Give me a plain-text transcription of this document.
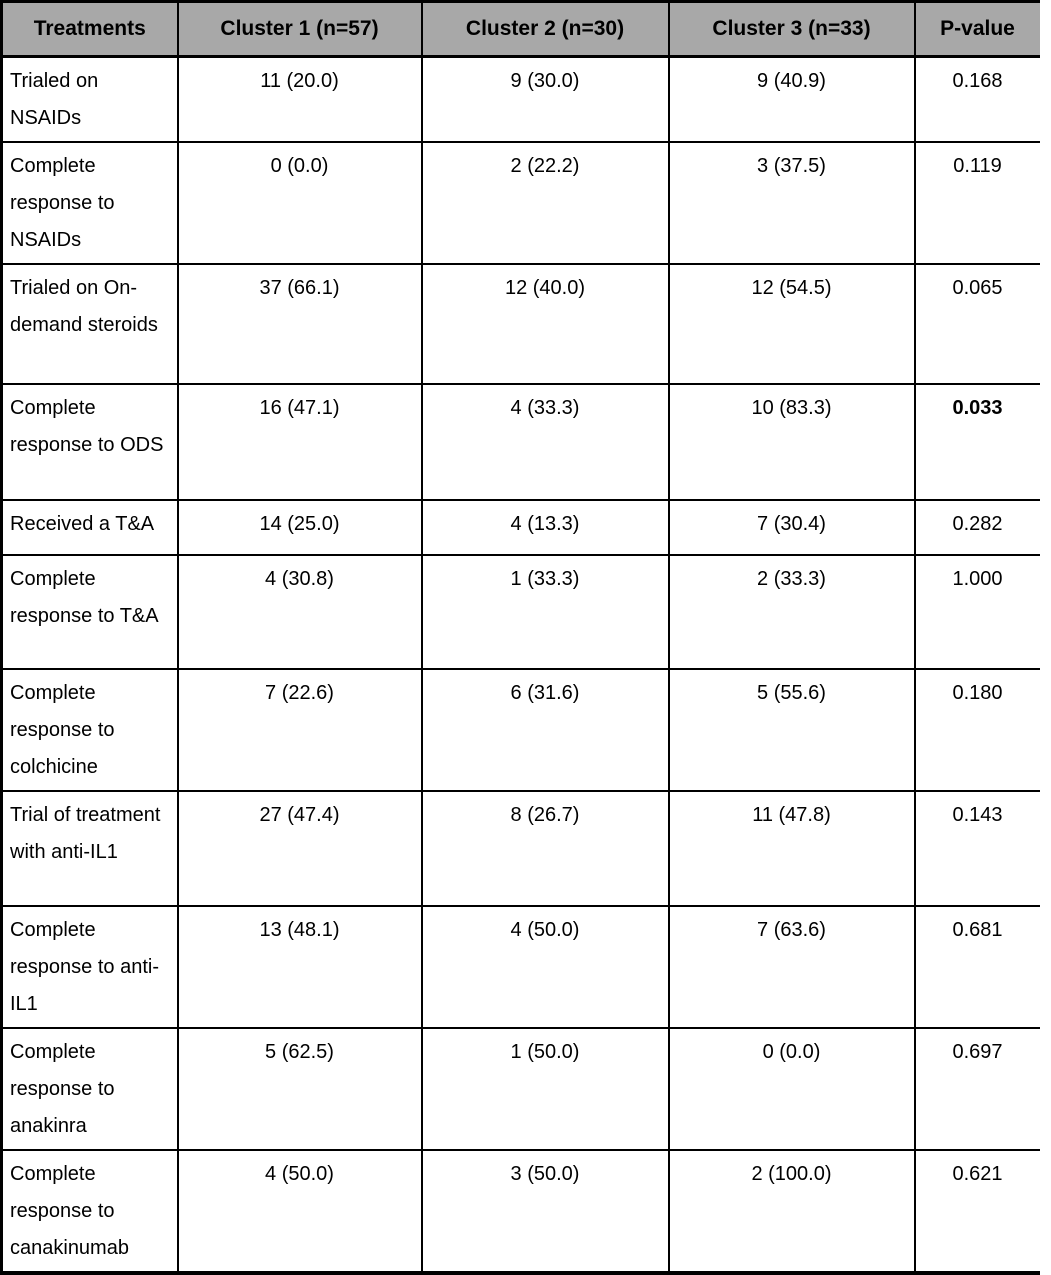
Treatments	Cluster 1 (n=57)	Cluster 2 (n=30)	Cluster 3 (n=33)	P-value
Trialed on NSAIDs	11 (20.0)	9 (30.0)	9 (40.9)	0.168
Complete response to NSAIDs	0 (0.0)	2 (22.2)	3 (37.5)	0.119
Trialed on On-demand steroids	37 (66.1)	12 (40.0)	12 (54.5)	0.065
Complete response to ODS	16 (47.1)	4 (33.3)	10 (83.3)	0.033
Received a T&A	14 (25.0)	4 (13.3)	7 (30.4)	0.282
Complete response to T&A	4 (30.8)	1 (33.3)	2 (33.3)	1.000
Complete response to colchicine	7 (22.6)	6 (31.6)	5 (55.6)	0.180
Trial of treatment with anti-IL1	27 (47.4)	8 (26.7)	11 (47.8)	0.143
Complete response to anti-IL1	13 (48.1)	4 (50.0)	7 (63.6)	0.681
Complete response to anakinra	5 (62.5)	1 (50.0)	0 (0.0)	0.697
Complete response to canakinumab	4 (50.0)	3 (50.0)	2 (100.0)	0.621
